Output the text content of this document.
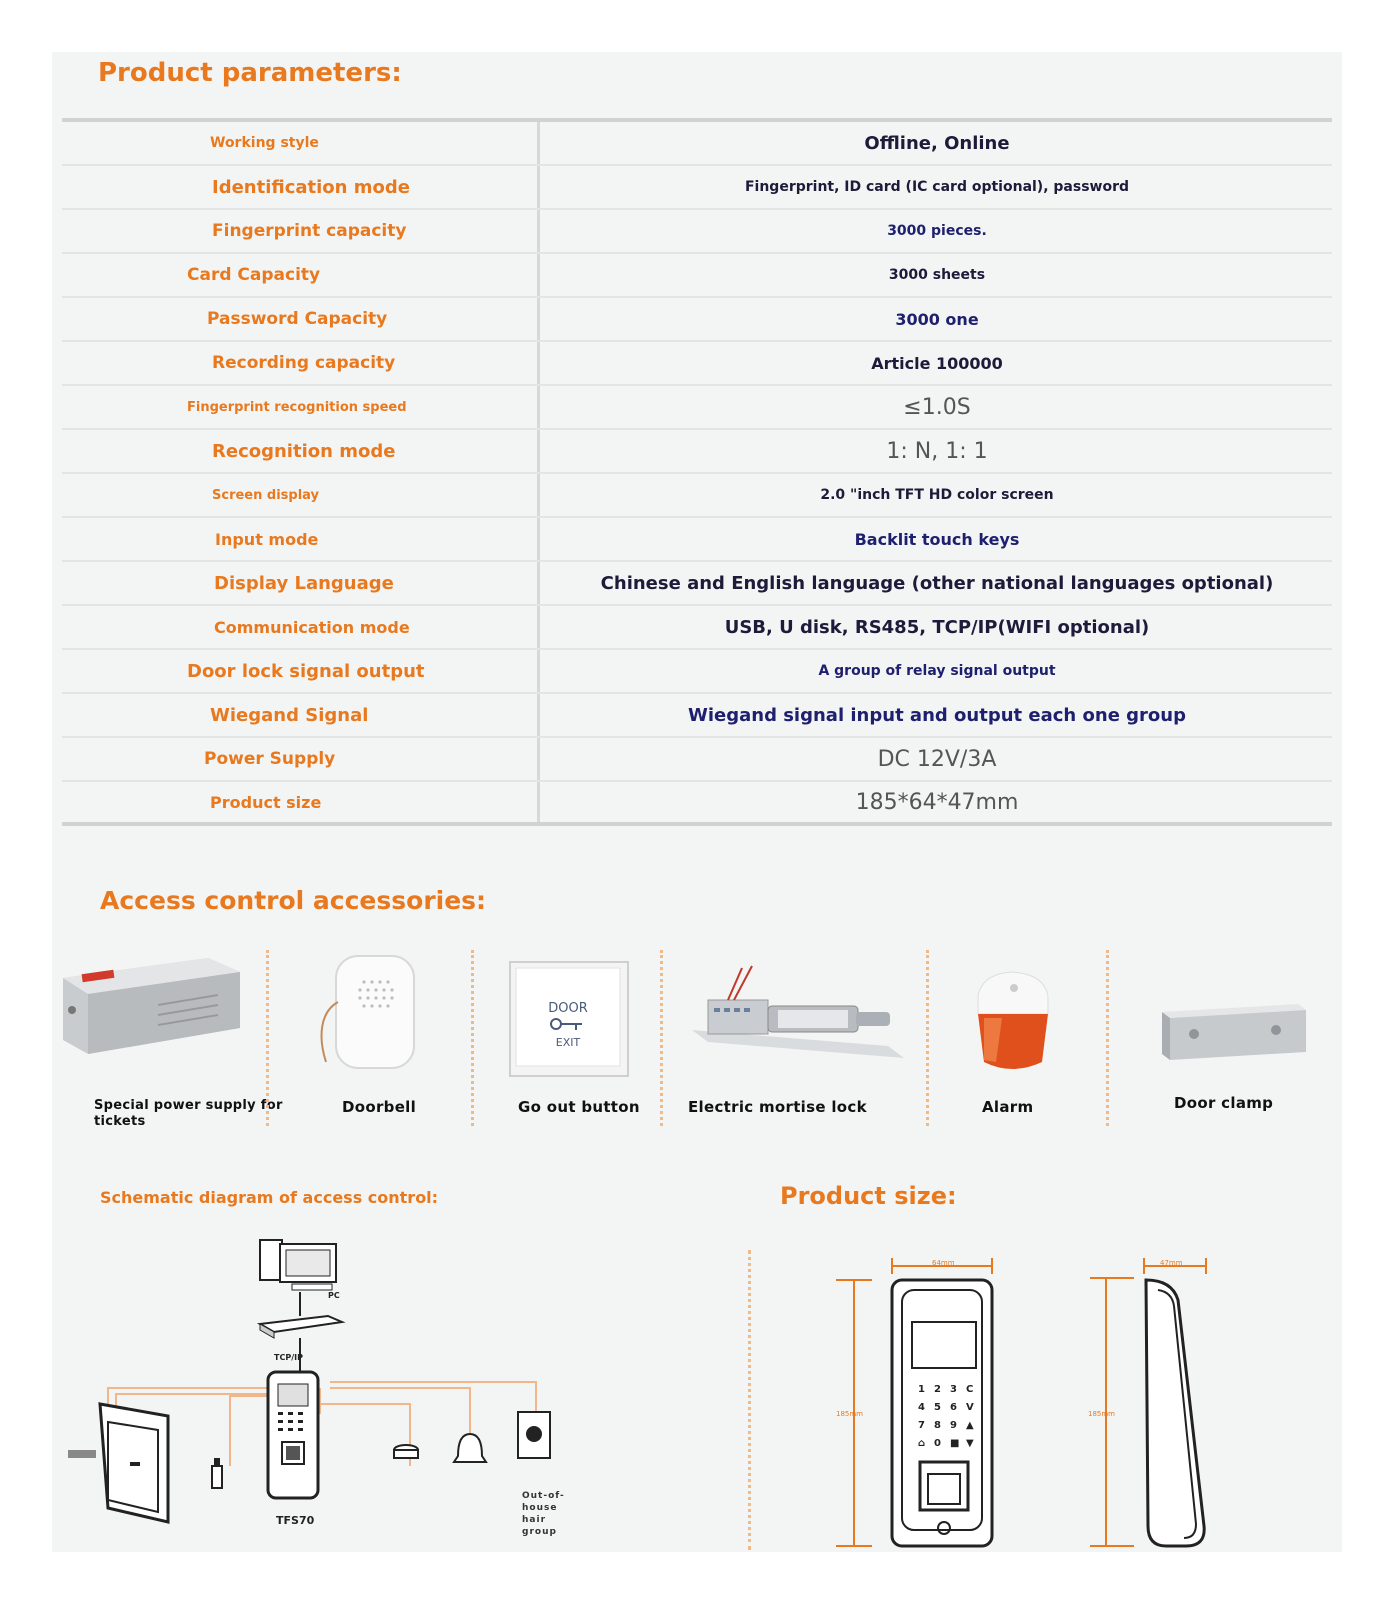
Product parameters:
Working style	Offline, Online
Identification mode	Fingerprint, ID card (IC card optional), password
Fingerprint capacity	3000 pieces.
Card Capacity	3000 sheets
Password Capacity	3000 one
Recording capacity	Article 100000
Fingerprint recognition speed	≤1.0S
Recognition mode	1: N, 1: 1
Screen display	2.0 "inch TFT HD color screen
Input mode	Backlit touch keys
Display Language	Chinese and English language (other national languages optional)
Communication mode	USB, U disk, RS485, TCP/IP(WIFI optional)
Door lock signal output	A group of relay signal output
Wiegand Signal	Wiegand signal input and output each one group
Power Supply	DC 12V/3A
Product size	185*64*47mm
Access control accessories:
Special power supply for
tickets
Doorbell
DOOR
EXIT
Go out button	Electric mortise lock	Alarm	Door clamp
Schematic diagram of access control:
PC
TCP/IP
TFS70
Out-of-
house
hair
group
Product size:
64mm
185mm
1 2 3 C
4 5 6 V
7 8 9 ▲
⌂ 0 ■ ▼
47mm
185mm
